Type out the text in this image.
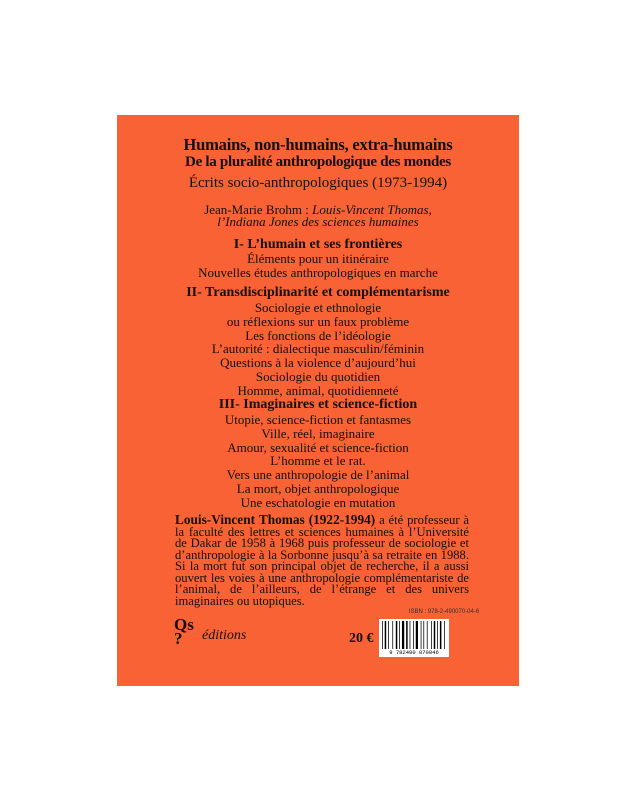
Humains, non-humains, extra-humains
De la pluralité anthropologique des mondes
Écrits socio-anthropologiques (1973-1994)
Jean-Marie Brohm : Louis-Vincent Thomas,
l’Indiana Jones des sciences humaines
I- L’humain et ses frontières
Éléments pour un itinéraire
Nouvelles études anthropologiques en marche
II- Transdisciplinarité et complémentarisme
Sociologie et ethnologie
ou réflexions sur un faux problème
Les fonctions de l’idéologie
L’autorité : dialectique masculin/féminin
Questions à la violence d’aujourd’hui
Sociologie du quotidien
Homme, animal, quotidienneté
III- Imaginaires et science-fiction
Utopie, science-fiction et fantasmes
Ville, réel, imaginaire
Amour, sexualité et science-fiction
L’homme et le rat.
Vers une anthropologie de l’animal
La mort, objet anthropologique
Une eschatologie en mutation
Louis-Vincent Thomas (1922-1994) a été professeur à la faculté des lettres et sciences humaines à l’Université de Dakar de 1958 à 1968 puis professeur de sociologie et d’anthropologie à la Sorbonne jusqu’à sa retraite en 1988. Si la mort fut son principal objet de recherche, il a aussi ouvert les voies à une anthropologie complémentariste de l’animal, de l’ailleurs, de l’étrange et des univers imaginaires ou utopiques.
ISBN : 978-2-490070-04-6
9 782490 070046
20 €
Qs
?	éditions
